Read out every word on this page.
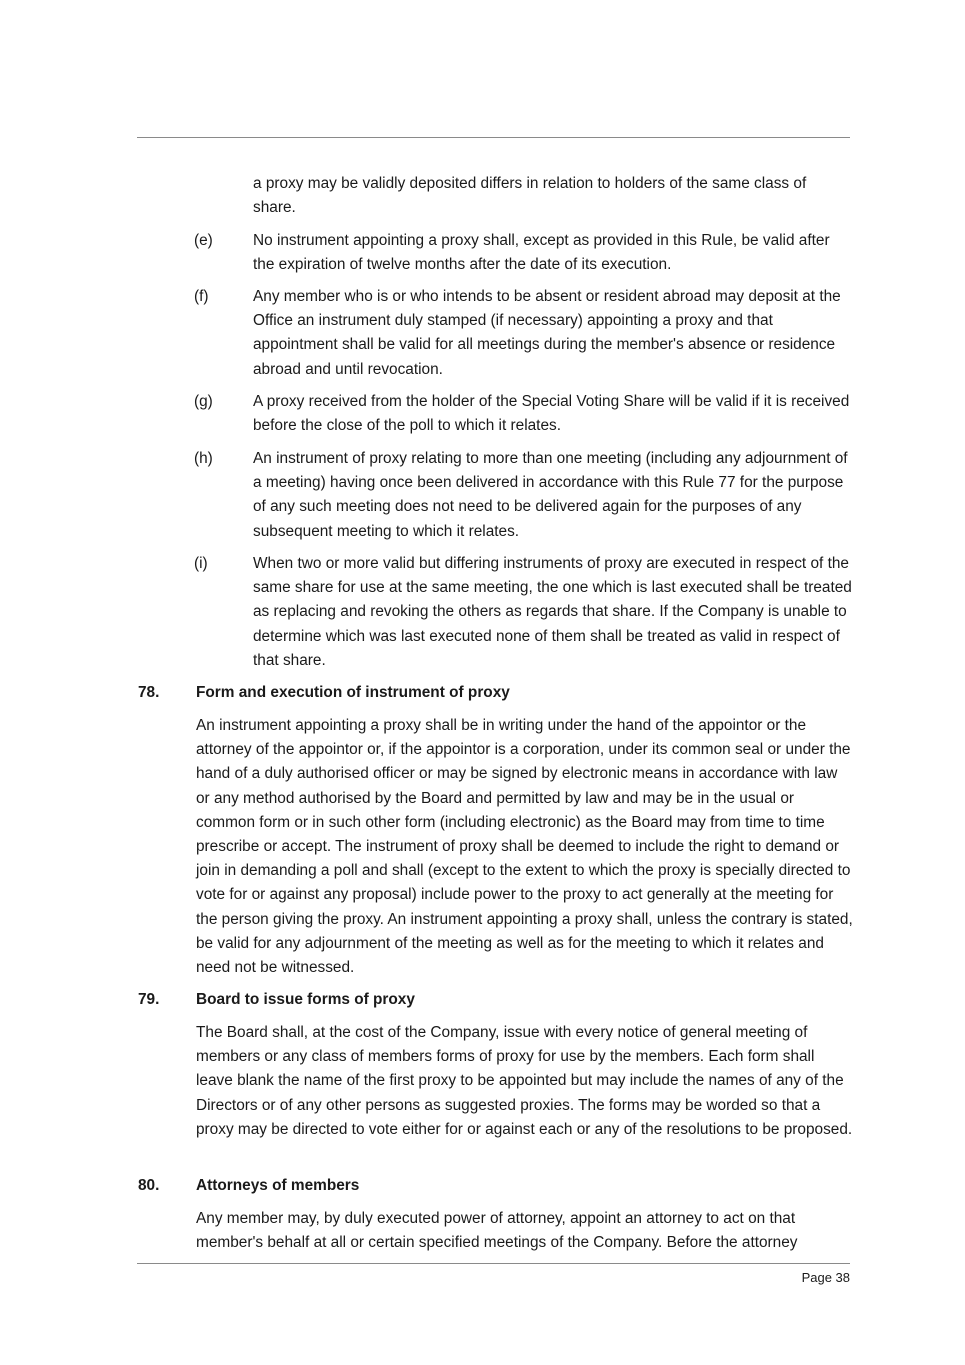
a proxy may be validly deposited differs in relation to holders of the same class of share.

(e)	No instrument appointing a proxy shall, except as provided in this Rule, be valid after the expiration of twelve months after the date of its execution.

(f)	Any member who is or who intends to be absent or resident abroad may deposit at the Office an instrument duly stamped (if necessary) appointing a proxy and that appointment shall be valid for all meetings during the member's absence or residence abroad and until revocation.

(g)	A proxy received from the holder of the Special Voting Share will be valid if it is received before the close of the poll to which it relates.

(h)	An instrument of proxy relating to more than one meeting (including any adjournment of a meeting) having once been delivered in accordance with this Rule 77 for the purpose of any such meeting does not need to be delivered again for the purposes of any subsequent meeting to which it relates.

(i)	When two or more valid but differing instruments of proxy are executed in respect of the same share for use at the same meeting, the one which is last executed shall be treated as replacing and revoking the others as regards that share. If the Company is unable to determine which was last executed none of them shall be treated as valid in respect of that share.

78. Form and execution of instrument of proxy

An instrument appointing a proxy shall be in writing under the hand of the appointor or the attorney of the appointor or, if the appointor is a corporation, under its common seal or under the hand of a duly authorised officer or may be signed by electronic means in accordance with law or any method authorised by the Board and permitted by law and may be in the usual or common form or in such other form (including electronic) as the Board may from time to time prescribe or accept. The instrument of proxy shall be deemed to include the right to demand or join in demanding a poll and shall (except to the extent to which the proxy is specially directed to vote for or against any proposal) include power to the proxy to act generally at the meeting for the person giving the proxy. An instrument appointing a proxy shall, unless the contrary is stated, be valid for any adjournment of the meeting as well as for the meeting to which it relates and need not be witnessed.

79. Board to issue forms of proxy

The Board shall, at the cost of the Company, issue with every notice of general meeting of members or any class of members forms of proxy for use by the members. Each form shall leave blank the name of the first proxy to be appointed but may include the names of any of the Directors or of any other persons as suggested proxies. The forms may be worded so that a proxy may be directed to vote either for or against each or any of the resolutions to be proposed.

80. Attorneys of members

Any member may, by duly executed power of attorney, appoint an attorney to act on that member's behalf at all or certain specified meetings of the Company. Before the attorney

Page 38
